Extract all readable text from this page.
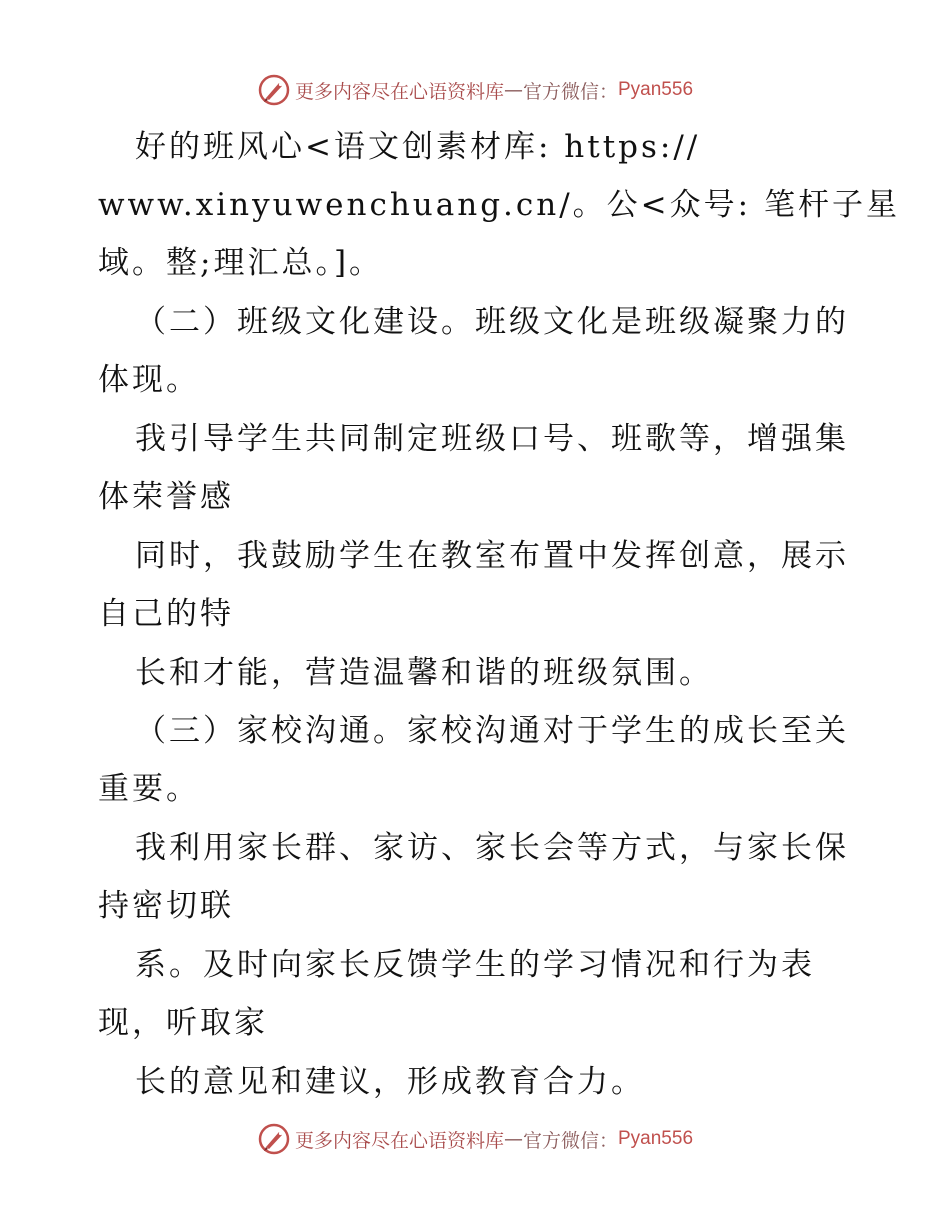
更多内容尽在心语资料库 — 官方微信： Pyan556
好的班风心<语文创素材库: https://
www.xinyuwenchuang.cn/。公<众号: 笔杆子星
域。整;理汇总。]。
（二）班级文化建设。班级文化是班级凝聚力的
体现。
我引导学生共同制定班级口号、班歌等，增强集
体荣誉感
同时，我鼓励学生在教室布置中发挥创意，展示
自己的特
长和才能，营造温馨和谐的班级氛围。
（三）家校沟通。家校沟通对于学生的成长至关
重要。
我利用家长群、家访、家长会等方式，与家长保
持密切联
系。及时向家长反馈学生的学习情况和行为表
现，听取家
长的意见和建议，形成教育合力。
更多内容尽在心语资料库 — 官方微信： Pyan556
